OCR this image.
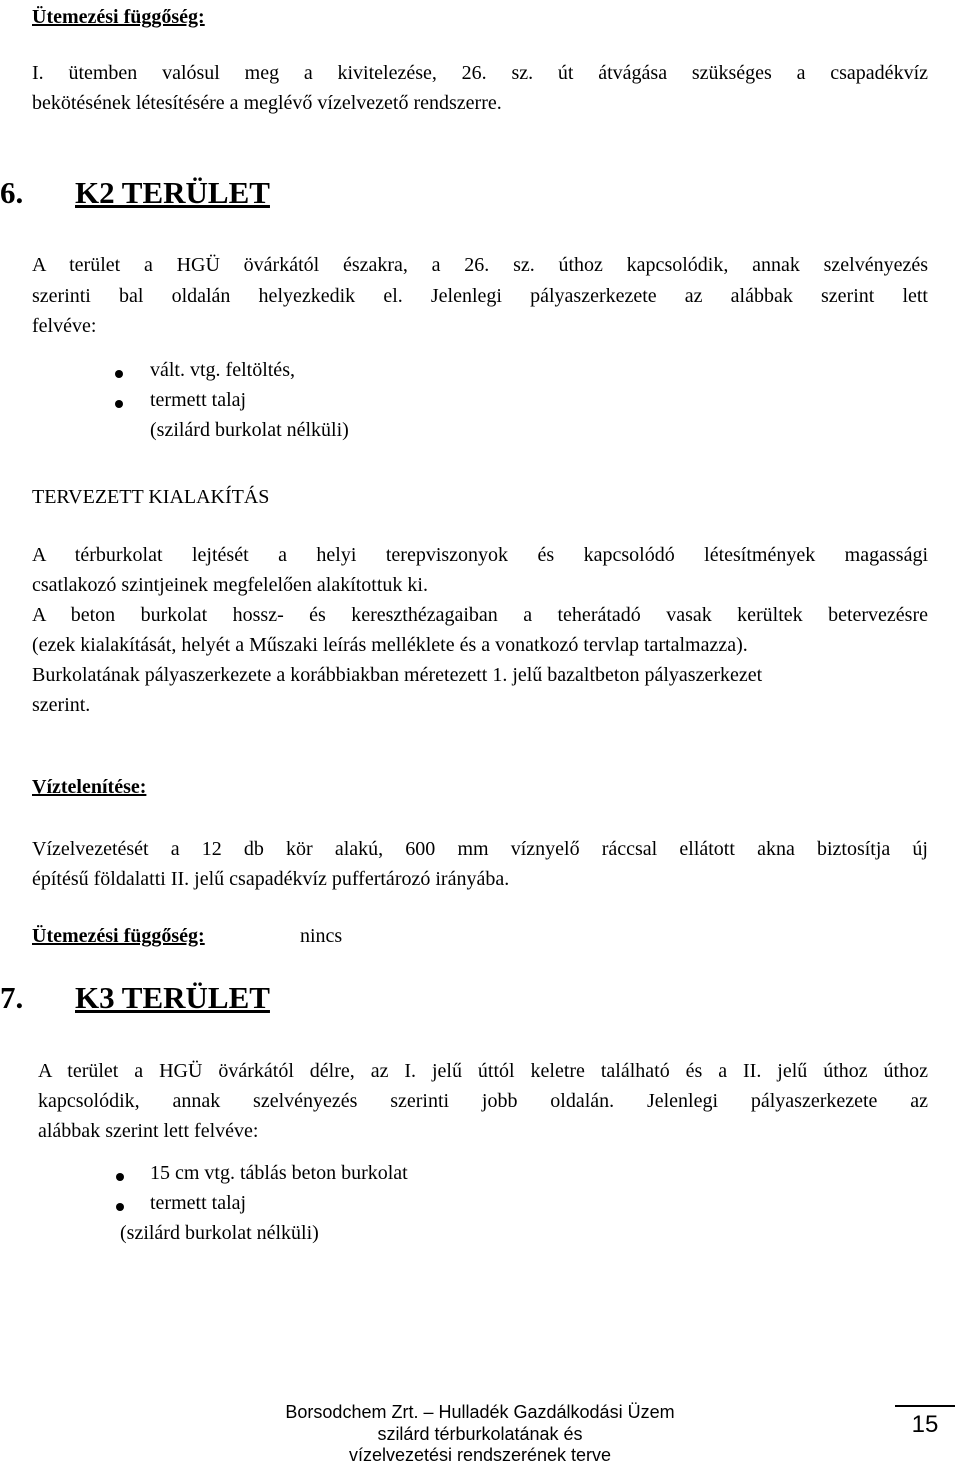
Ütemezési függőség:
I. ütemben valósul meg a kivitelezése, 26. sz. út átvágása szükséges a csapadékvíz
bekötésének létesítésére a meglévő vízelvezető rendszerre.
6. K2 TERÜLET
A terület a HGÜ övárkától északra, a 26. sz. úthoz kapcsolódik, annak szelvényezés
szerinti bal oldalán helyezkedik el. Jelenlegi pályaszerkezete az alábbak szerint lett
felvéve:
vált. vtg. feltöltés,
termett talaj
(szilárd burkolat nélküli)
TERVEZETT KIALAKÍTÁS
A térburkolat lejtését a helyi terepviszonyok és kapcsolódó létesítmények magassági
csatlakozó szintjeinek megfelelően alakítottuk ki.
A beton burkolat hossz- és kereszthézagaiban a teherátadó vasak kerültek betervezésre
(ezek kialakítását, helyét a Műszaki leírás melléklete és a vonatkozó tervlap tartalmazza).
Burkolatának pályaszerkezete a korábbiakban méretezett 1. jelű bazaltbeton pályaszerkezet
szerint.
Víztelenítése:
Vízelvezetését a 12 db kör alakú, 600 mm víznyelő ráccsal ellátott akna biztosítja új
építésű földalatti II. jelű csapadékvíz puffertározó irányába.
Ütemezési függőség:	nincs
7. K3 TERÜLET
A terület a HGÜ övárkától délre, az I. jelű úttól keletre található és a II. jelű úthoz úthoz
kapcsolódik, annak szelvényezés szerinti jobb oldalán. Jelenlegi pályaszerkezete az
alábbak szerint lett felvéve:
15 cm vtg. táblás beton burkolat
termett talaj
(szilárd burkolat nélküli)
Borsodchem Zrt. – Hulladék Gazdálkodási Üzem
szilárd térburkolatának és
vízelvezetési rendszerének terve
15
